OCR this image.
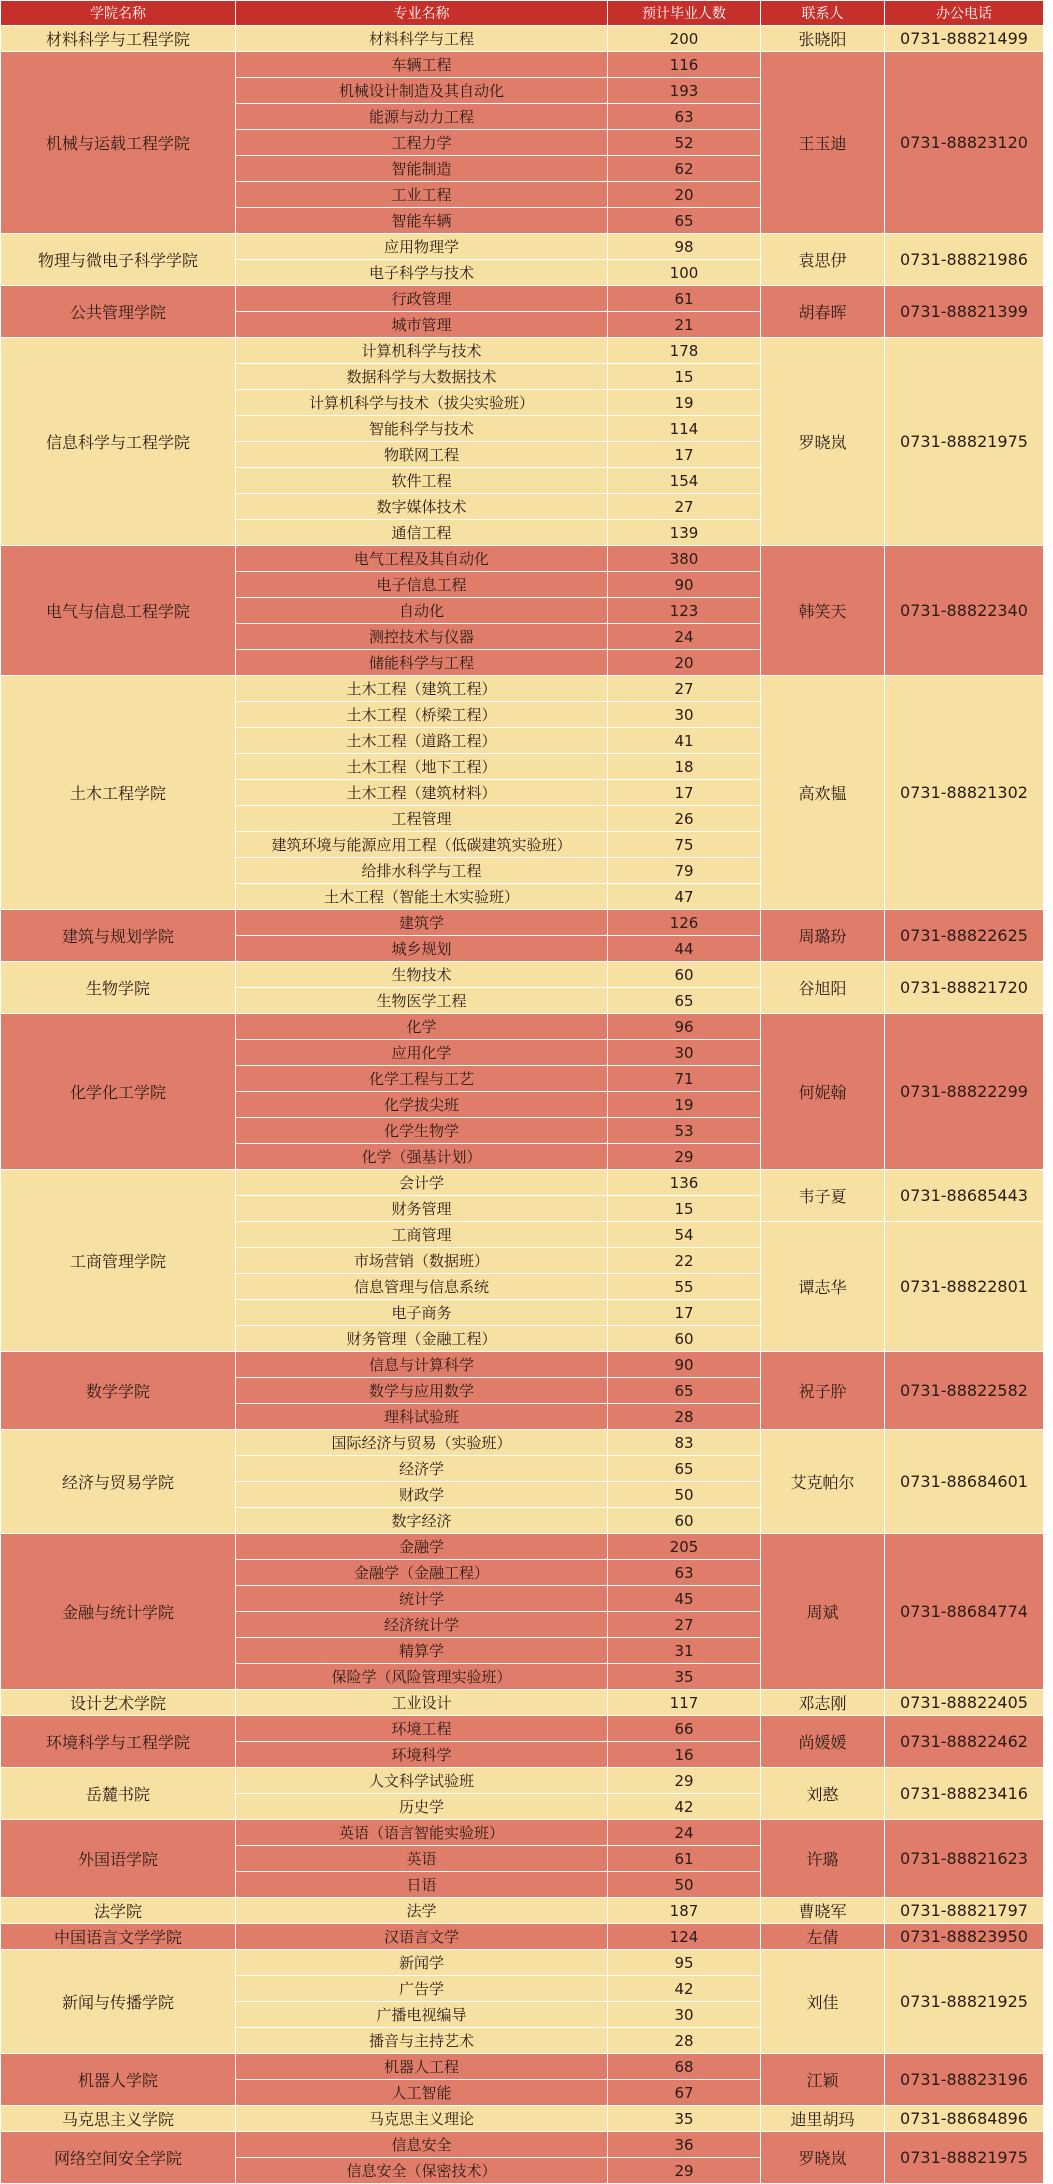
学院名称	专业名称	预计毕业人数	联系人	办公电话
材料科学与工程学院	材料科学与工程	200	张晓阳	0731-88821499
机械与运载工程学院	车辆工程	116	王玉迪	0731-88823120
	机械设计制造及其自动化	193		
	能源与动力工程	63		
	工程力学	52		
	智能制造	62		
	工业工程	20		
	智能车辆	65		
物理与微电子科学学院	应用物理学	98	袁思伊	0731-88821986
	电子科学与技术	100		
公共管理学院	行政管理	61	胡春晖	0731-88821399
	城市管理	21		
信息科学与工程学院	计算机科学与技术	178	罗晓岚	0731-88821975
	数据科学与大数据技术	15		
	计算机科学与技术（拔尖实验班）	19		
	智能科学与技术	114		
	物联网工程	17		
	软件工程	154		
	数字媒体技术	27		
	通信工程	139		
电气与信息工程学院	电气工程及其自动化	380	韩笑天	0731-88822340
	电子信息工程	90		
	自动化	123		
	测控技术与仪器	24		
	储能科学与工程	20		
土木工程学院	土木工程（建筑工程）	27	高欢韫	0731-88821302
	土木工程（桥梁工程）	30		
	土木工程（道路工程）	41		
	土木工程（地下工程）	18		
	土木工程（建筑材料）	17		
	工程管理	26		
	建筑环境与能源应用工程（低碳建筑实验班）	75		
	给排水科学与工程	79		
	土木工程（智能土木实验班）	47		
建筑与规划学院	建筑学	126	周璐玢	0731-88822625
	城乡规划	44		
生物学院	生物技术	60	谷旭阳	0731-88821720
	生物医学工程	65		
化学化工学院	化学	96	何妮翰	0731-88822299
	应用化学	30		
	化学工程与工艺	71		
	化学拔尖班	19		
	化学生物学	53		
	化学（强基计划）	29		
工商管理学院	会计学	136	韦子夏	0731-88685443
	财务管理	15		
	工商管理	54	谭志华	0731-88822801
	市场营销（数据班）	22		
	信息管理与信息系统	55		
	电子商务	17		
	财务管理（金融工程）	60		
数学学院	信息与计算科学	90	祝子肸	0731-88822582
	数学与应用数学	65		
	理科试验班	28		
经济与贸易学院	国际经济与贸易（实验班）	83	艾克帕尔	0731-88684601
	经济学	65		
	财政学	50		
	数字经济	60		
金融与统计学院	金融学	205	周斌	0731-88684774
	金融学（金融工程）	63		
	统计学	45		
	经济统计学	27		
	精算学	31		
	保险学（风险管理实验班）	35		
设计艺术学院	工业设计	117	邓志刚	0731-88822405
环境科学与工程学院	环境工程	66	尚媛媛	0731-88822462
	环境科学	16		
岳麓书院	人文科学试验班	29	刘憨	0731-88823416
	历史学	42		
外国语学院	英语（语言智能实验班）	24	许璐	0731-88821623
	英语	61		
	日语	50		
法学院	法学	187	曹晓军	0731-88821797
中国语言文学学院	汉语言文学	124	左倩	0731-88823950
新闻与传播学院	新闻学	95	刘佳	0731-88821925
	广告学	42		
	广播电视编导	30		
	播音与主持艺术	28		
机器人学院	机器人工程	68	江颖	0731-88823196
	人工智能	67		
马克思主义学院	马克思主义理论	35	迪里胡玛	0731-88684896
网络空间安全学院	信息安全	36	罗晓岚	0731-88821975
	信息安全（保密技术）	29		
